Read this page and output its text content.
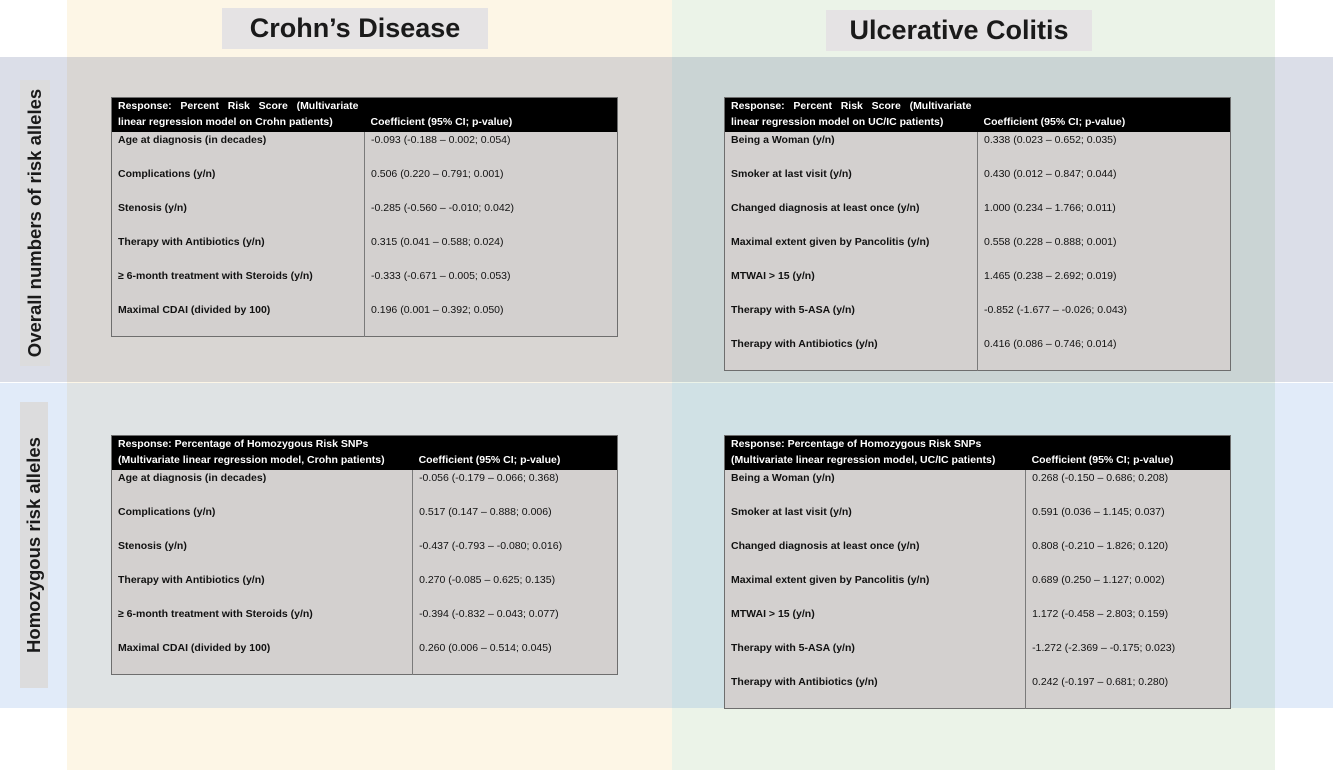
Crohn’s Disease	Ulcerative Colitis
Overall numbers of risk alleles
Homozygous risk alleles
Response:   Percent   Risk   Score   (Multivariate
linear regression model on Crohn patients)	Coefficient (95% CI; p-value)
Age at diagnosis (in decades)	-0.093 (-0.188 – 0.002; 0.054)
Complications (y/n)	0.506 (0.220 – 0.791; 0.001)
Stenosis (y/n)	-0.285 (-0.560 – -0.010; 0.042)
Therapy with Antibiotics (y/n)	0.315 (0.041 – 0.588; 0.024)
≥ 6-month treatment with Steroids (y/n)	-0.333 (-0.671 – 0.005; 0.053)
Maximal CDAI (divided by 100)	0.196 (0.001 – 0.392; 0.050)
Response:   Percent   Risk   Score   (Multivariate
linear regression model on UC/IC patients)	Coefficient (95% CI; p-value)
Being a Woman (y/n)	0.338 (0.023 – 0.652; 0.035)
Smoker at last visit (y/n)	0.430 (0.012 – 0.847; 0.044)
Changed diagnosis at least once (y/n)	1.000 (0.234 – 1.766; 0.011)
Maximal extent given by Pancolitis (y/n)	0.558 (0.228 – 0.888; 0.001)
MTWAI > 15 (y/n)	1.465 (0.238 – 2.692; 0.019)
Therapy with 5-ASA (y/n)	-0.852 (-1.677 – -0.026; 0.043)
Therapy with Antibiotics (y/n)	0.416 (0.086 – 0.746; 0.014)
Response: Percentage of Homozygous Risk SNPs
(Multivariate linear regression model, Crohn patients)	Coefficient (95% CI; p-value)
Age at diagnosis (in decades)	-0.056 (-0.179 – 0.066; 0.368)
Complications (y/n)	0.517 (0.147 – 0.888; 0.006)
Stenosis (y/n)	-0.437 (-0.793 – -0.080; 0.016)
Therapy with Antibiotics (y/n)	0.270 (-0.085 – 0.625; 0.135)
≥ 6-month treatment with Steroids (y/n)	-0.394 (-0.832 – 0.043; 0.077)
Maximal CDAI (divided by 100)	0.260 (0.006 – 0.514; 0.045)
Response: Percentage of Homozygous Risk SNPs
(Multivariate linear regression model, UC/IC patients)	Coefficient (95% CI; p-value)
Being a Woman (y/n)	0.268 (-0.150 – 0.686; 0.208)
Smoker at last visit (y/n)	0.591 (0.036 – 1.145; 0.037)
Changed diagnosis at least once (y/n)	0.808 (-0.210 – 1.826; 0.120)
Maximal extent given by Pancolitis (y/n)	0.689 (0.250 – 1.127; 0.002)
MTWAI > 15 (y/n)	1.172 (-0.458 – 2.803; 0.159)
Therapy with 5-ASA (y/n)	-1.272 (-2.369 – -0.175; 0.023)
Therapy with Antibiotics (y/n)	0.242 (-0.197 – 0.681; 0.280)
